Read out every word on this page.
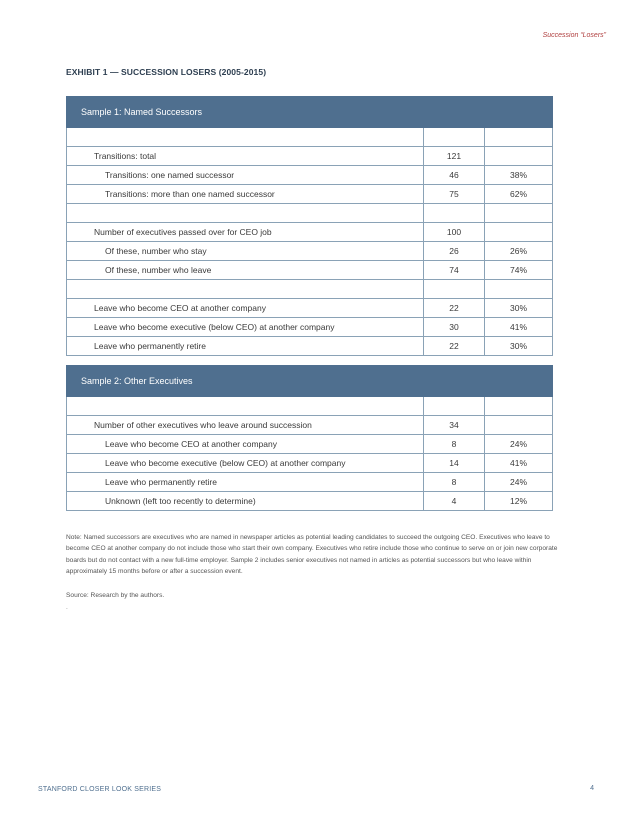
Succession “Losers”
EXHIBIT 1 — SUCCESSION LOSERS (2005-2015)
Sample 1: Named Successors
Transitions: total	121
Transitions: one named successor	46	38%
Transitions: more than one named successor	75	62%
Number of executives passed over for CEO job	100
Of these, number who stay	26	26%
Of these, number who leave	74	74%
Leave who become CEO at another company	22	30%
Leave who become executive (below CEO) at another company	30	41%
Leave who permanently retire	22	30%
Sample 2: Other Executives
Number of other executives who leave around succession	34
Leave who become CEO at another company	8	24%
Leave who become executive (below CEO) at another company	14	41%
Leave who permanently retire	8	24%
Unknown (left too recently to determine)	4	12%
Note: Named successors are executives who are named in newspaper articles as potential leading candidates to succeed the outgoing CEO. Executives who leave to become CEO at another company do not include those who start their own company. Executives who retire include those who continue to serve on or join new corporate boards but do not contact with a new full-time employer. Sample 2 includes senior executives not named in articles as potential successors but who leave within approximately 15 months before or after a succession event.
Source: Research by the authors.
.
STANFORD CLOSER LOOK SERIES	4
